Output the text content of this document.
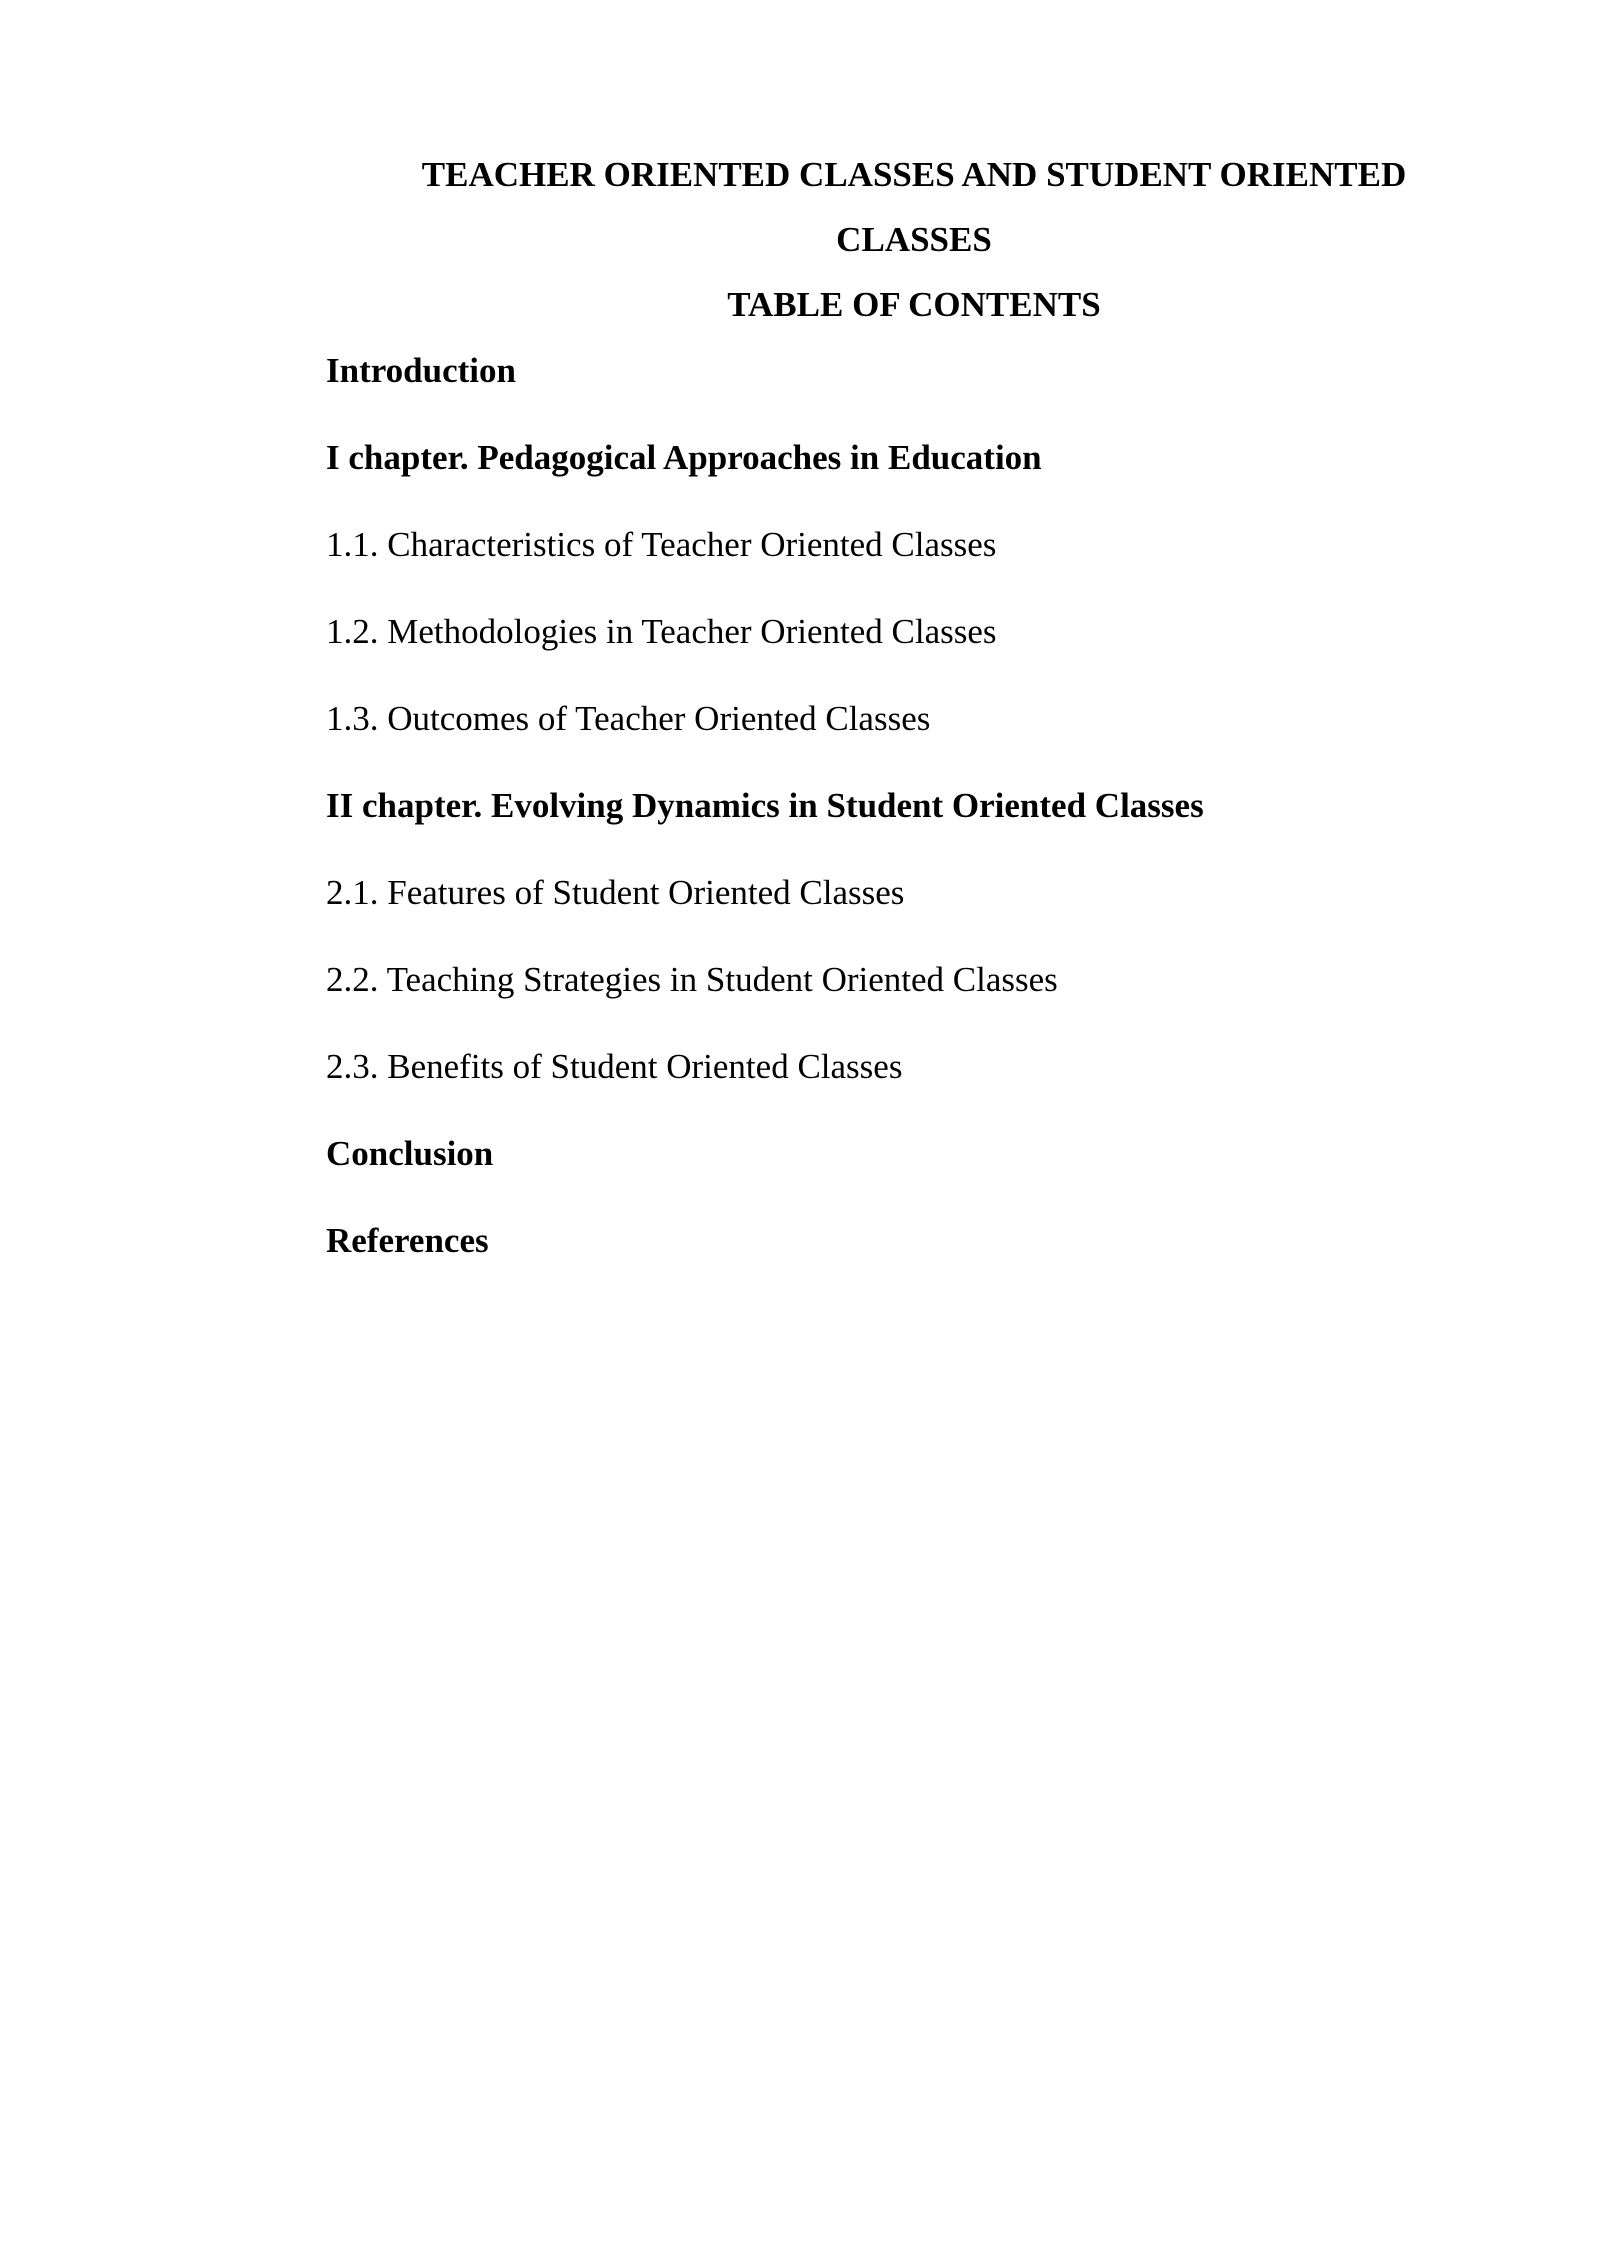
TEACHER ORIENTED CLASSES AND STUDENT ORIENTED
CLASSES
TABLE OF CONTENTS
Introduction
I chapter. Pedagogical Approaches in Education
1.1. Characteristics of Teacher Oriented Classes
1.2. Methodologies in Teacher Oriented Classes
1.3. Outcomes of Teacher Oriented Classes
II chapter. Evolving Dynamics in Student Oriented Classes
2.1. Features of Student Oriented Classes
2.2. Teaching Strategies in Student Oriented Classes
2.3. Benefits of Student Oriented Classes
Conclusion
References
